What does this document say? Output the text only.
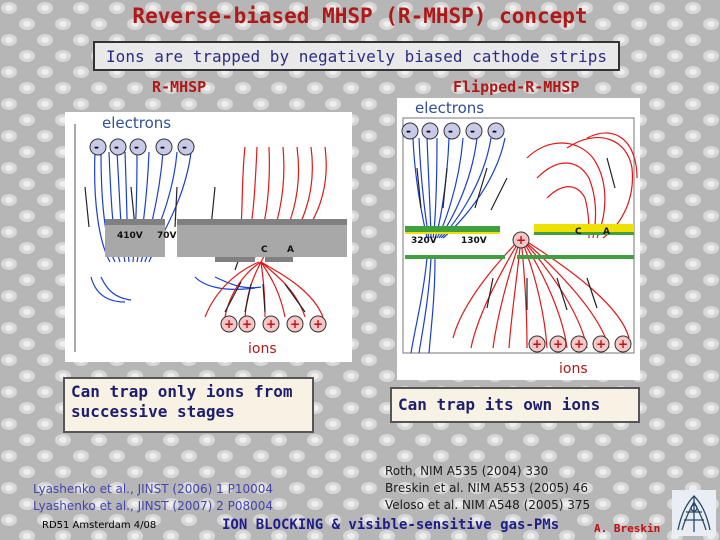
Reverse-biased MHSP (R-MHSP) concept
Ions are trapped by negatively biased cathode strips
R-MHSP	Flipped-R-MHSP
410V 70V
C A
- - - - -
+ + + + +
electrons
ions
320V	130V
C A
- - - - -
+
+ + + + +
electrons
ions
Can trap only ions from successive stages	Can trap its own ions
Lyashenko et al., JINST (2006) 1 P10004
Lyashenko et al., JINST (2007) 2 P08004
Roth, NIM A535 (2004) 330
Breskin et al. NIM A553 (2005) 46
Veloso et al. NIM A548 (2005) 375
RD51 Amsterdam 4/08	ION BLOCKING & visible-sensitive gas-PMs	A. Breskin
